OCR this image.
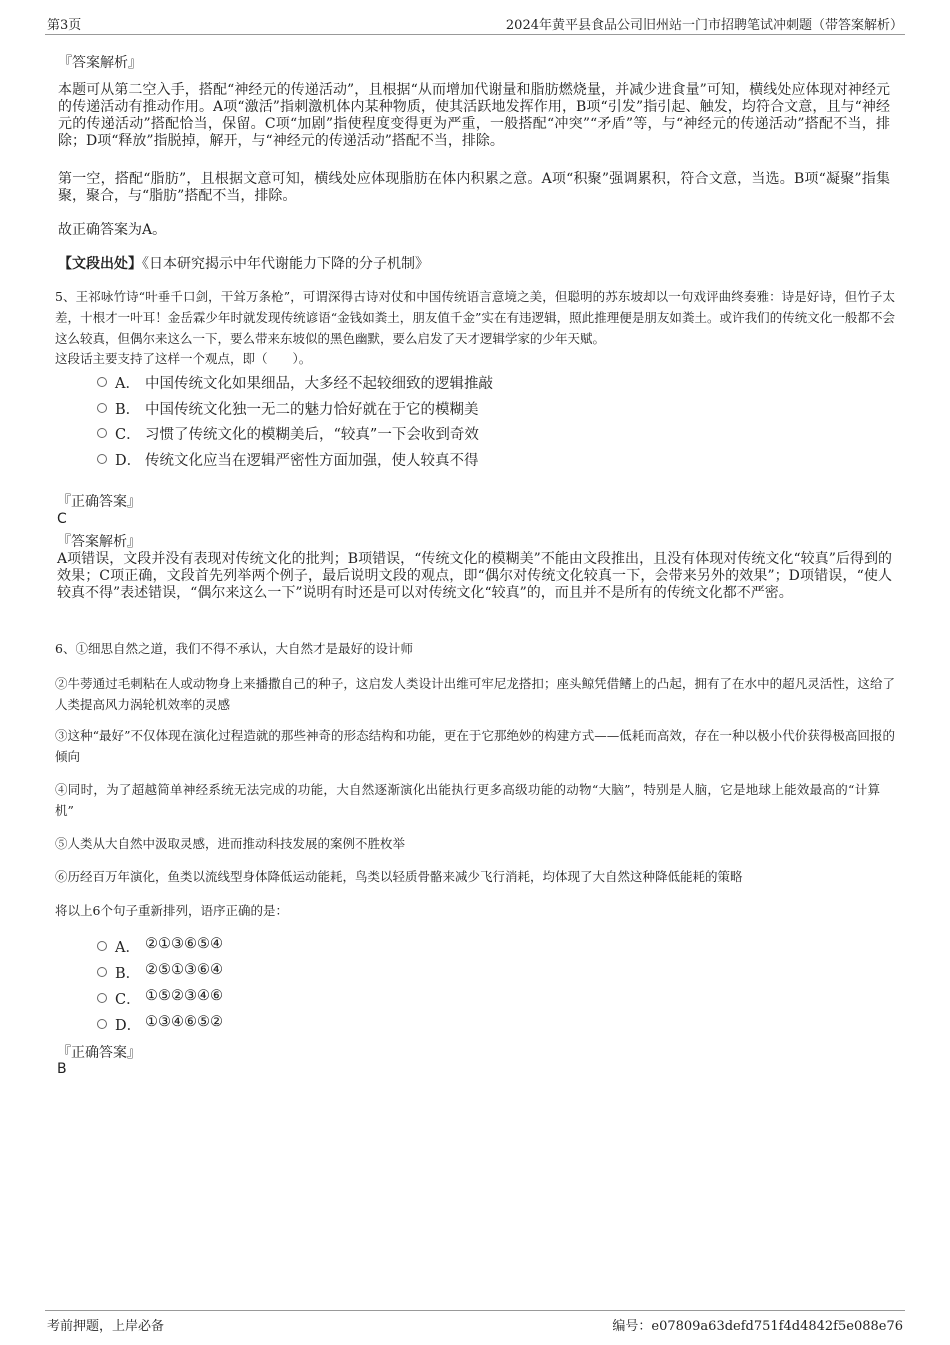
第3页	2024年黄平县食品公司旧州站一门市招聘笔试冲刺题（带答案解析）
『答案解析』
本题可从第二空入手，搭配“神经元的传递活动”，且根据“从而增加代谢量和脂肪燃烧量，并减少进食量”可知，横线处应体现对神经元的传递活动有推动作用。A项“激活”指刺激机体内某种物质，使其活跃地发挥作用，B项“引发”指引起、触发，均符合文意，且与“神经元的传递活动”搭配恰当，保留。C项“加剧”指使程度变得更为严重，一般搭配“冲突”“矛盾”等，与“神经元的传递活动”搭配不当，排除；D项“释放”指脱掉，解开，与“神经元的传递活动”搭配不当，排除。
第一空，搭配“脂肪”，且根据文意可知，横线处应体现脂肪在体内积累之意。A项“积聚”强调累积，符合文意，当选。B项“凝聚”指集聚，聚合，与“脂肪”搭配不当，排除。
故正确答案为A。
【文段出处】《日本研究揭示中年代谢能力下降的分子机制》
5、王祁咏竹诗“叶垂千口剑，干耸万条枪”，可谓深得古诗对仗和中国传统语言意境之美，但聪明的苏东坡却以一句戏评曲终奏雅：诗是好诗，但竹子太差，十根才一叶耳！金岳霖少年时就发现传统谚语“金钱如粪土，朋友值千金”实在有违逻辑，照此推理便是朋友如粪土。或许我们的传统文化一般都不会这么较真，但偶尔来这么一下，要么带来东坡似的黑色幽默，要么启发了天才逻辑学家的少年天赋。
这段话主要支持了这样一个观点，即（　　）。
A． 中国传统文化如果细品，大多经不起较细致的逻辑推敲
B． 中国传统文化独一无二的魅力恰好就在于它的模糊美
C． 习惯了传统文化的模糊美后，“较真”一下会收到奇效
D． 传统文化应当在逻辑严密性方面加强，使人较真不得
『正确答案』
C
『答案解析』
A项错误，文段并没有表现对传统文化的批判；B项错误，“传统文化的模糊美”不能由文段推出，且没有体现对传统文化“较真”后得到的效果；C项正确，文段首先列举两个例子，最后说明文段的观点，即“偶尔对传统文化较真一下，会带来另外的效果”；D项错误，“使人较真不得”表述错误，“偶尔来这么一下”说明有时还是可以对传统文化“较真”的，而且并不是所有的传统文化都不严密。
6、①细思自然之道，我们不得不承认，大自然才是最好的设计师
②牛蒡通过毛刺粘在人或动物身上来播撒自己的种子，这启发人类设计出维可牢尼龙搭扣；座头鲸凭借鳍上的凸起，拥有了在水中的超凡灵活性，这给了人类提高风力涡轮机效率的灵感
③这种“最好”不仅体现在演化过程造就的那些神奇的形态结构和功能，更在于它那绝妙的构建方式——低耗而高效，存在一种以极小代价获得极高回报的倾向
④同时，为了超越简单神经系统无法完成的功能，大自然逐渐演化出能执行更多高级功能的动物“大脑”，特别是人脑，它是地球上能效最高的“计算机”
⑤人类从大自然中汲取灵感，进而推动科技发展的案例不胜枚举
⑥历经百万年演化，鱼类以流线型身体降低运动能耗，鸟类以轻质骨骼来减少飞行消耗，均体现了大自然这种降低能耗的策略
将以上6个句子重新排列，语序正确的是：
A． ②①③⑥⑤④
B． ②⑤①③⑥④
C． ①⑤②③④⑥
D． ①③④⑥⑤②
『正确答案』
B
考前押题，上岸必备	编号：e07809a63defd751f4d4842f5e088e76
